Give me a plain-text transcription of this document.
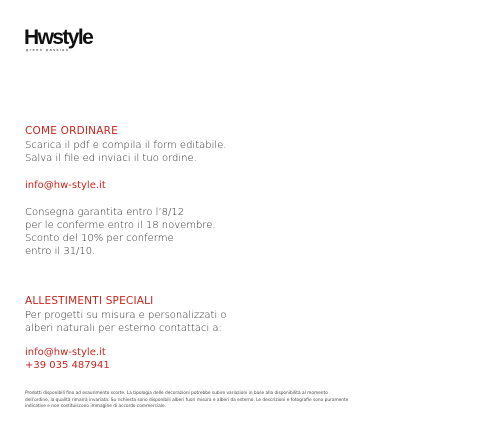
Hwstyle
green passion
COME ORDINARE
Scarica il pdf e compila il form editabile.
Salva il file ed inviaci il tuo ordine.
info@hw-style.it
Consegna garantita entro l’8/12
per le conferme entro il 18 novembre.
Sconto del 10% per conferme
entro il 31/10.
ALLESTIMENTI SPECIALI
Per progetti su misura e personalizzati o
alberi naturali per esterno contattaci a:
info@hw-style.it
+39 035 487941
Prodotti disponibili fino ad esaurimento scorte. La tipologia delle decorazioni potrebbe subire variazioni in base alla disponibilità al momento
dell’ordine, la qualità rimarrà invariata. Su richiesta sono disponibili alberi fuori misura e alberi da esterno. Le descrizioni e fotografie sono puramente
indicative e non costituiscono immagine di accordo commerciale.
